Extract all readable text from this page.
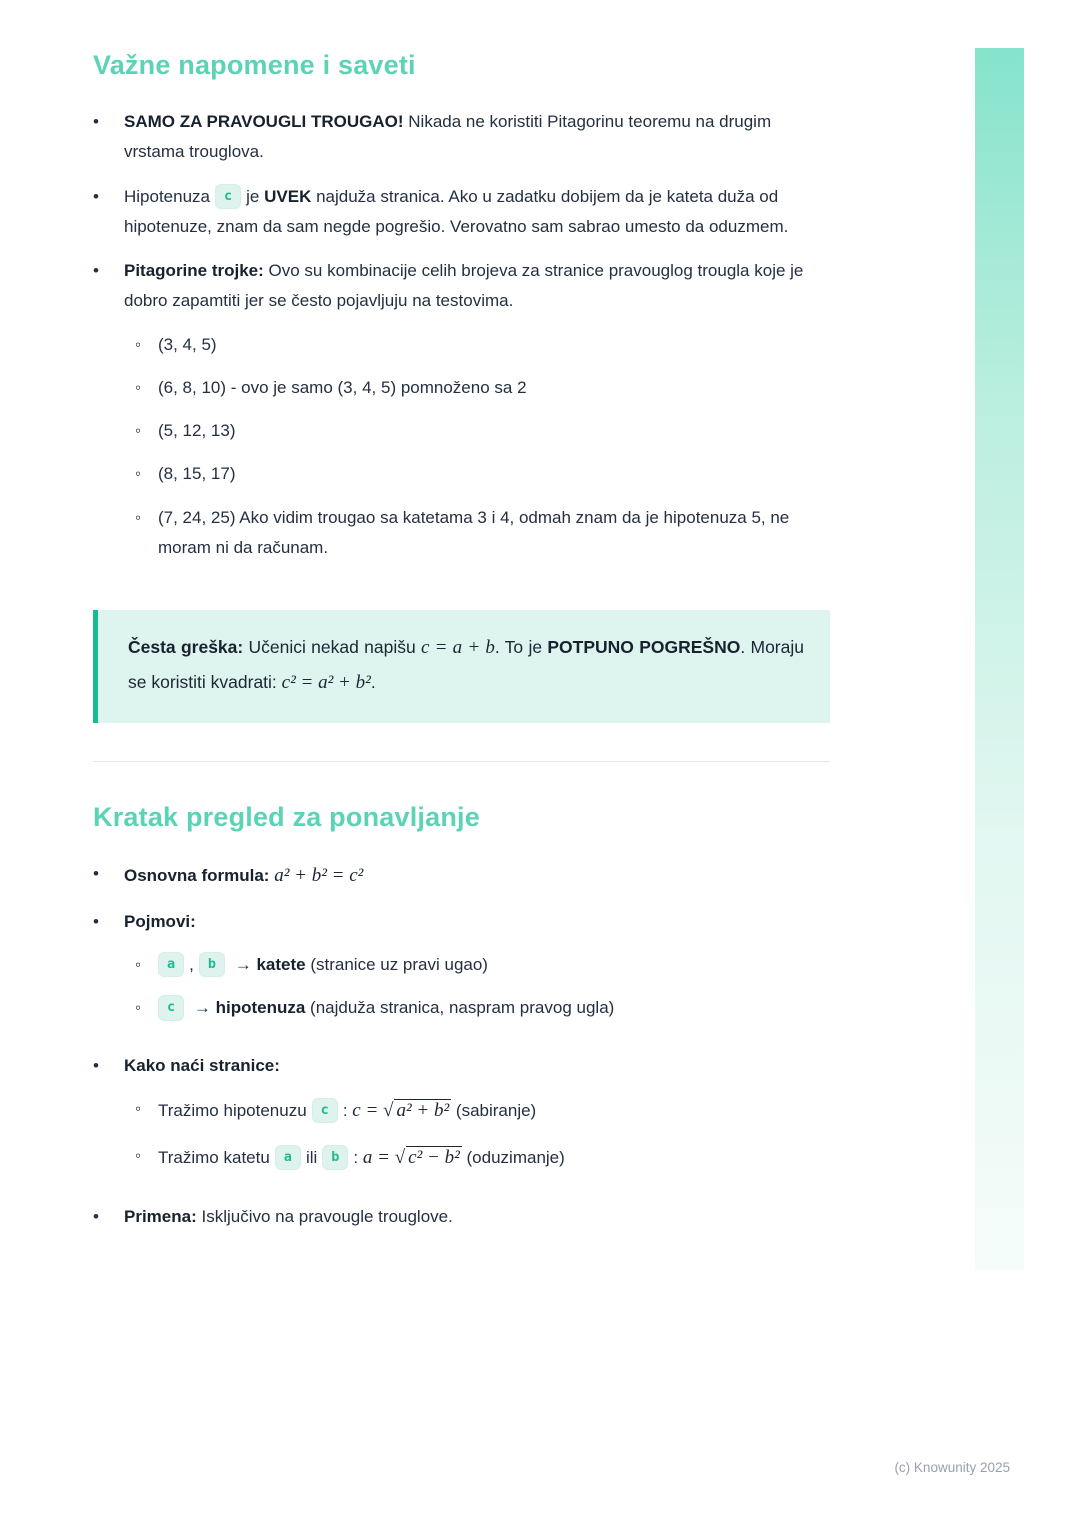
Važne napomene i saveti
•	SAMO ZA PRAVOUGLI TROUGAO! Nikada ne koristiti Pitagorinu teoremu na drugim vrstama trouglova.
•	Hipotenuza c je UVEK najduža stranica. Ako u zadatku dobijem da je kateta duža od hipotenuze, znam da sam negde pogrešio. Verovatno sam sabrao umesto da oduzmem.
•	Pitagorine trojke: Ovo su kombinacije celih brojeva za stranice pravouglog trougla koje je dobro zapamtiti jer se često pojavljuju na testovima.
◦ (3, 4, 5)
◦ (6, 8, 10) - ovo je samo (3, 4, 5) pomnoženo sa 2
◦ (5, 12, 13)
◦ (8, 15, 17)
◦ (7, 24, 25) Ako vidim trougao sa katetama 3 i 4, odmah znam da je hipotenuza 5, ne moram ni da računam.
Česta greška: Učenici nekad napišu c = a + b. To je POTPUNO POGREŠNO. Moraju se koristiti kvadrati: c² = a² + b².
Kratak pregled za ponavljanje
•	Osnovna formula: a² + b² = c²
•	Pojmovi:
◦	a , b → katete (stranice uz pravi ugao)
◦	c → hipotenuza (najduža stranica, naspram pravog ugla)
•	Kako naći stranice:
◦ Tražimo hipotenuzu c : c = √ a² + b² (sabiranje)
◦ Tražimo katetu a ili b : a = √ c² − b² (oduzimanje)
•	Primena: Isključivo na pravougle trouglove.
(c) Knowunity 2025
